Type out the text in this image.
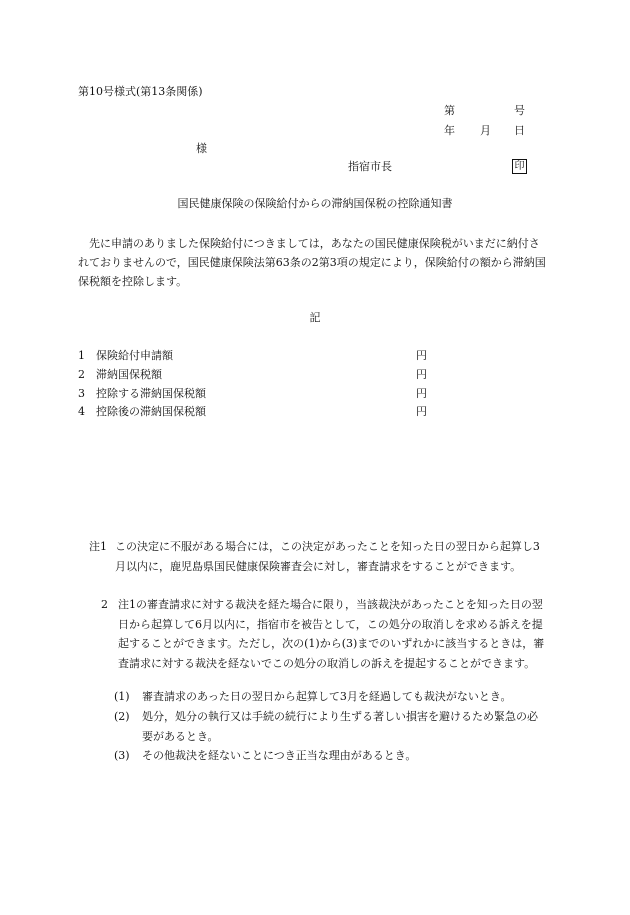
第10号様式(第13条関係)
第	号
年 月 日
様
指宿市長	印
国民健康保険の保険給付からの滞納国保税の控除通知書
先に申請のありました保険給付につきましては，あなたの国民健康保険税がいまだに納付されておりませんので，国民健康保険法第63条の2第3項の規定により，保険給付の額から滞納国保税額を控除します。
記
1 保険給付申請額	円
2 滞納国保税額	円
3 控除する滞納国保税額	円
4 控除後の滞納国保税額	円
注1 この決定に不服がある場合には，この決定があったことを知った日の翌日から起算し3月以内に，鹿児島県国民健康保険審査会に対し，審査請求をすることができます。
2 注1の審査請求に対する裁決を経た場合に限り，当該裁決があったことを知った日の翌日から起算して6月以内に，指宿市を被告として，この処分の取消しを求める訴えを提起することができます。ただし，次の(1)から(3)までのいずれかに該当するときは，審査請求に対する裁決を経ないでこの処分の取消しの訴えを提起することができます。
(1) 審査請求のあった日の翌日から起算して3月を経過しても裁決がないとき。
(2) 処分，処分の執行又は手続の続行により生ずる著しい損害を避けるため緊急の必要があるとき。
(3) その他裁決を経ないことにつき正当な理由があるとき。
